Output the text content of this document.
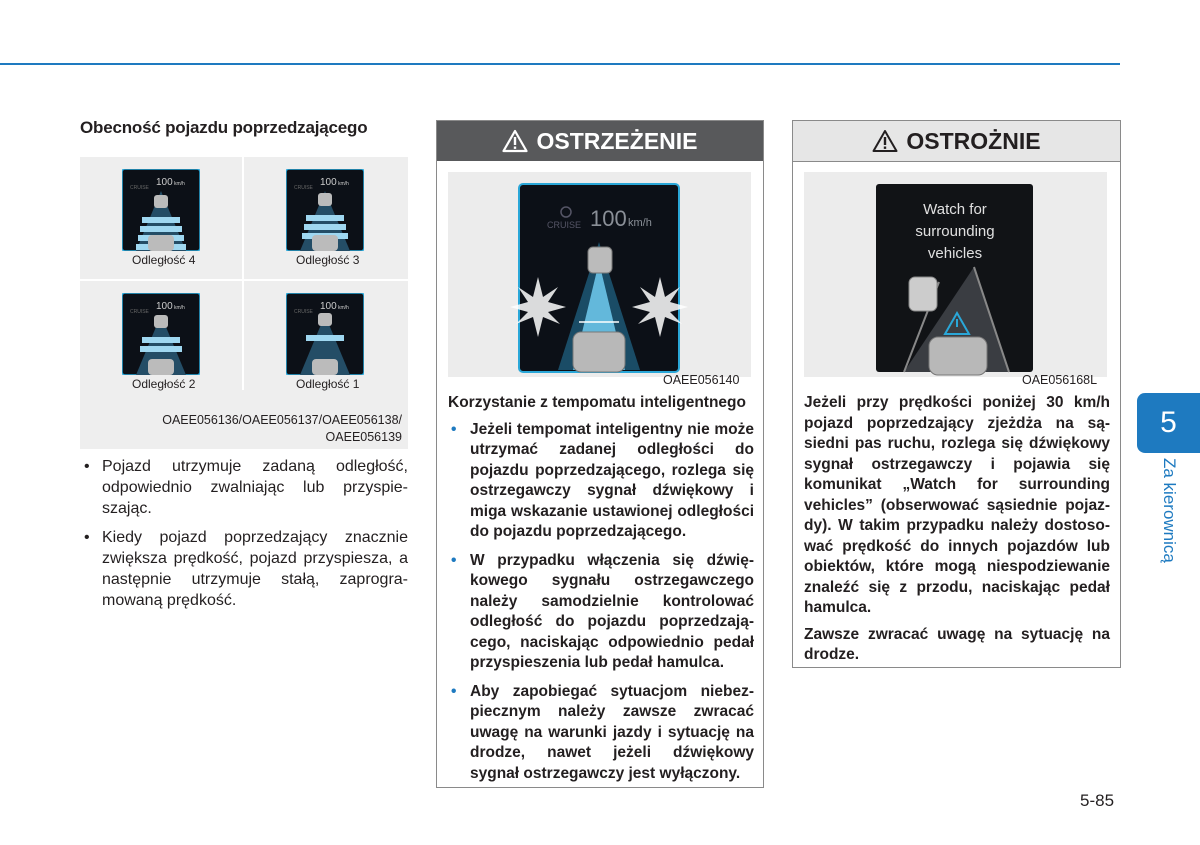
Obecność pojazdu poprzedzającego
CRUISE 100 km/h
Odległość 4
CRUISE 100 km/h
Odległość 3
CRUISE 100 km/h
Odległość 2
CRUISE 100 km/h
Odległość 1
OAEE056136/OAEE056137/OAEE056138/
OAEE056139
• Pojazd utrzymuje zadaną odległość, odpowiednio zwalniając lub przyspieszając.
• Kiedy pojazd poprzedzający znacznie zwiększa prędkość, pojazd przyspiesza, a następnie utrzymuje stałą, zaprogramowaną prędkość.
OSTRZEŻENIE
CRUISE 100 km/h
OAEE056140

Korzystanie z tempomatu inteligentnego

• Jeżeli tempomat inteligentny nie może utrzymać zadanej odległości do pojazdu poprzedzającego, rozlega się ostrzegawczy sygnał dźwiękowy i miga wskazanie ustawionej odległości do pojazdu poprzedzającego.
• W przypadku włączenia się dźwiękowego sygnału ostrzegawczego należy samodzielnie kontrolować odległość do pojazdu poprzedzającego, naciskając odpowiednio pedał przyspieszenia lub pedał hamulca.
• Aby zapobiegać sytuacjom niebezpiecznym należy zawsze zwracać uwagę na warunki jazdy i sytuację na drodze, nawet jeżeli dźwiękowy sygnał ostrzegawczy jest wyłączony.
OSTROŻNIE
Watch for
surrounding
vehicles
OAE056168L

Jeżeli przy prędkości poniżej 30 km/h pojazd poprzedzający zjeżdża na sąsiedni pas ruchu, rozlega się dźwiękowy sygnał ostrzegawczy i pojawia się komunikat „Watch for surrounding vehicles” (obserwować sąsiednie pojazdy). W takim przypadku należy dostosować prędkość do innych pojazdów lub obiektów, które mogą niespodziewanie znaleźć się z przodu, naciskając pedał hamulca.

Zawsze zwracać uwagę na sytuację na drodze.

5
Za kierownicą
5-85
